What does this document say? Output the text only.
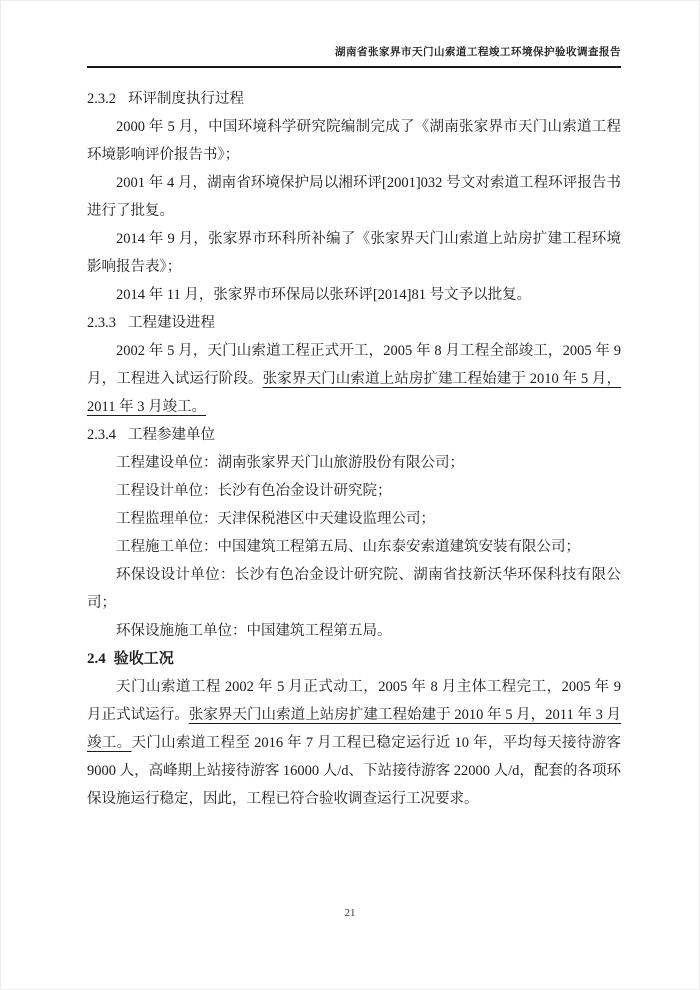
湖南省张家界市天门山索道工程竣工环境保护验收调查报告
2.3.2 环评制度执行过程

2000 年 5 月，中国环境科学研究院编制完成了《湖南张家界市天门山索道工程环境影响评价报告书》；

2001 年 4 月，湖南省环境保护局以湘环评[2001]032 号文对索道工程环评报告书进行了批复。

2014 年 9 月，张家界市环科所补编了《张家界天门山索道上站房扩建工程环境影响报告表》；

2014 年 11 月，张家界市环保局以张环评[2014]81 号文予以批复。

2.3.3 工程建设进程

2002 年 5 月，天门山索道工程正式开工，2005 年 8 月工程全部竣工，2005 年 9 月，工程进入试运行阶段。张家界天门山索道上站房扩建工程始建于 2010 年 5 月，2011 年 3 月竣工。

2.3.4 工程参建单位

工程建设单位：湖南张家界天门山旅游股份有限公司；

工程设计单位：长沙有色冶金设计研究院；

工程监理单位：天津保税港区中天建设监理公司；

工程施工单位：中国建筑工程第五局、山东泰安索道建筑安装有限公司；

环保设设计单位：长沙有色冶金设计研究院、湖南省技新沃华环保科技有限公司；

环保设施施工单位：中国建筑工程第五局。

2.4 验收工况

天门山索道工程 2002 年 5 月正式动工，2005 年 8 月主体工程完工，2005 年 9 月正式试运行。张家界天门山索道上站房扩建工程始建于 2010 年 5 月，2011 年 3 月竣工。天门山索道工程至 2016 年 7 月工程已稳定运行近 10 年，平均每天接待游客 9000 人，高峰期上站接待游客 16000 人/d、下站接待游客 22000 人/d，配套的各项环保设施运行稳定，因此，工程已符合验收调查运行工况要求。

21
